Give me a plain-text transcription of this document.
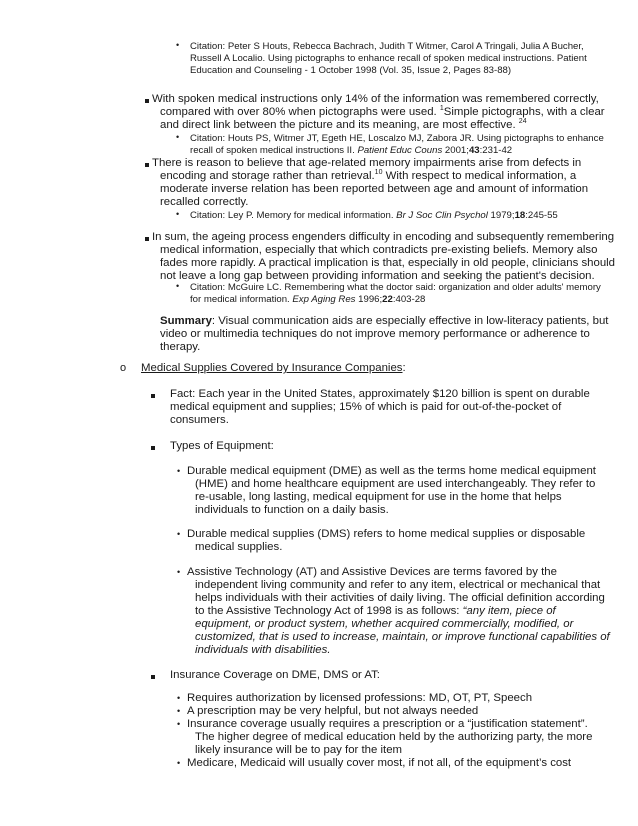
• Citation: Peter S Houts, Rebecca Bachrach, Judith T Witmer, Carol A Tringali, Julia A Bucher,
Russell A Localio. Using pictographs to enhance recall of spoken medical instructions. Patient
Education and Counseling - 1 October 1998 (Vol. 35, Issue 2, Pages 83-88)
With spoken medical instructions only 14% of the information was remembered correctly,
compared with over 80% when pictographs were used. $^1$Simple pictographs, with a clear
and direct link between the picture and its meaning, are most effective. $^{24}$
• Citation: Houts PS, Witmer JT, Egeth HE, Loscalzo MJ, Zabora JR. Using pictographs to enhance
recall of spoken medical instructions II. Patient Educ Couns 2001;43:231-42
There is reason to believe that age-related memory impairments arise from defects in
encoding and storage rather than retrieval.$^{10}$ With respect to medical information, a
moderate inverse relation has been reported between age and amount of information
recalled correctly.
• Citation: Ley P. Memory for medical information. Br J Soc Clin Psychol 1979;18:245-55
In sum, the ageing process engenders difficulty in encoding and subsequently remembering
medical information, especially that which contradicts pre-existing beliefs. Memory also
fades more rapidly. A practical implication is that, especially in old people, clinicians should
not leave a long gap between providing information and seeking the patient's decision.
• Citation: McGuire LC. Remembering what the doctor said: organization and older adults' memory
for medical information. Exp Aging Res 1996;22:403-28
Summary: Visual communication aids are especially effective in low-literacy patients, but
video or multimedia techniques do not improve memory performance or adherence to
therapy.
o Medical Supplies Covered by Insurance Companies:
Fact: Each year in the United States, approximately $120 billion is spent on durable
medical equipment and supplies; 15% of which is paid for out-of-the-pocket of
consumers.
Types of Equipment:
• Durable medical equipment (DME) as well as the terms home medical equipment
(HME) and home healthcare equipment are used interchangeably. They refer to
re-usable, long lasting, medical equipment for use in the home that helps
individuals to function on a daily basis.
• Durable medical supplies (DMS) refers to home medical supplies or disposable
medical supplies.
• Assistive Technology (AT) and Assistive Devices are terms favored by the
independent living community and refer to any item, electrical or mechanical that
helps individuals with their activities of daily living. The official definition according
to the Assistive Technology Act of 1998 is as follows: “any item, piece of
equipment, or product system, whether acquired commercially, modified, or
customized, that is used to increase, maintain, or improve functional capabilities of
individuals with disabilities.
Insurance Coverage on DME, DMS or AT:
• Requires authorization by licensed professions: MD, OT, PT, Speech
• A prescription may be very helpful, but not always needed
• Insurance coverage usually requires a prescription or a “justification statement”.
The higher degree of medical education held by the authorizing party, the more
likely insurance will be to pay for the item
• Medicare, Medicaid will usually cover most, if not all, of the equipment’s cost
